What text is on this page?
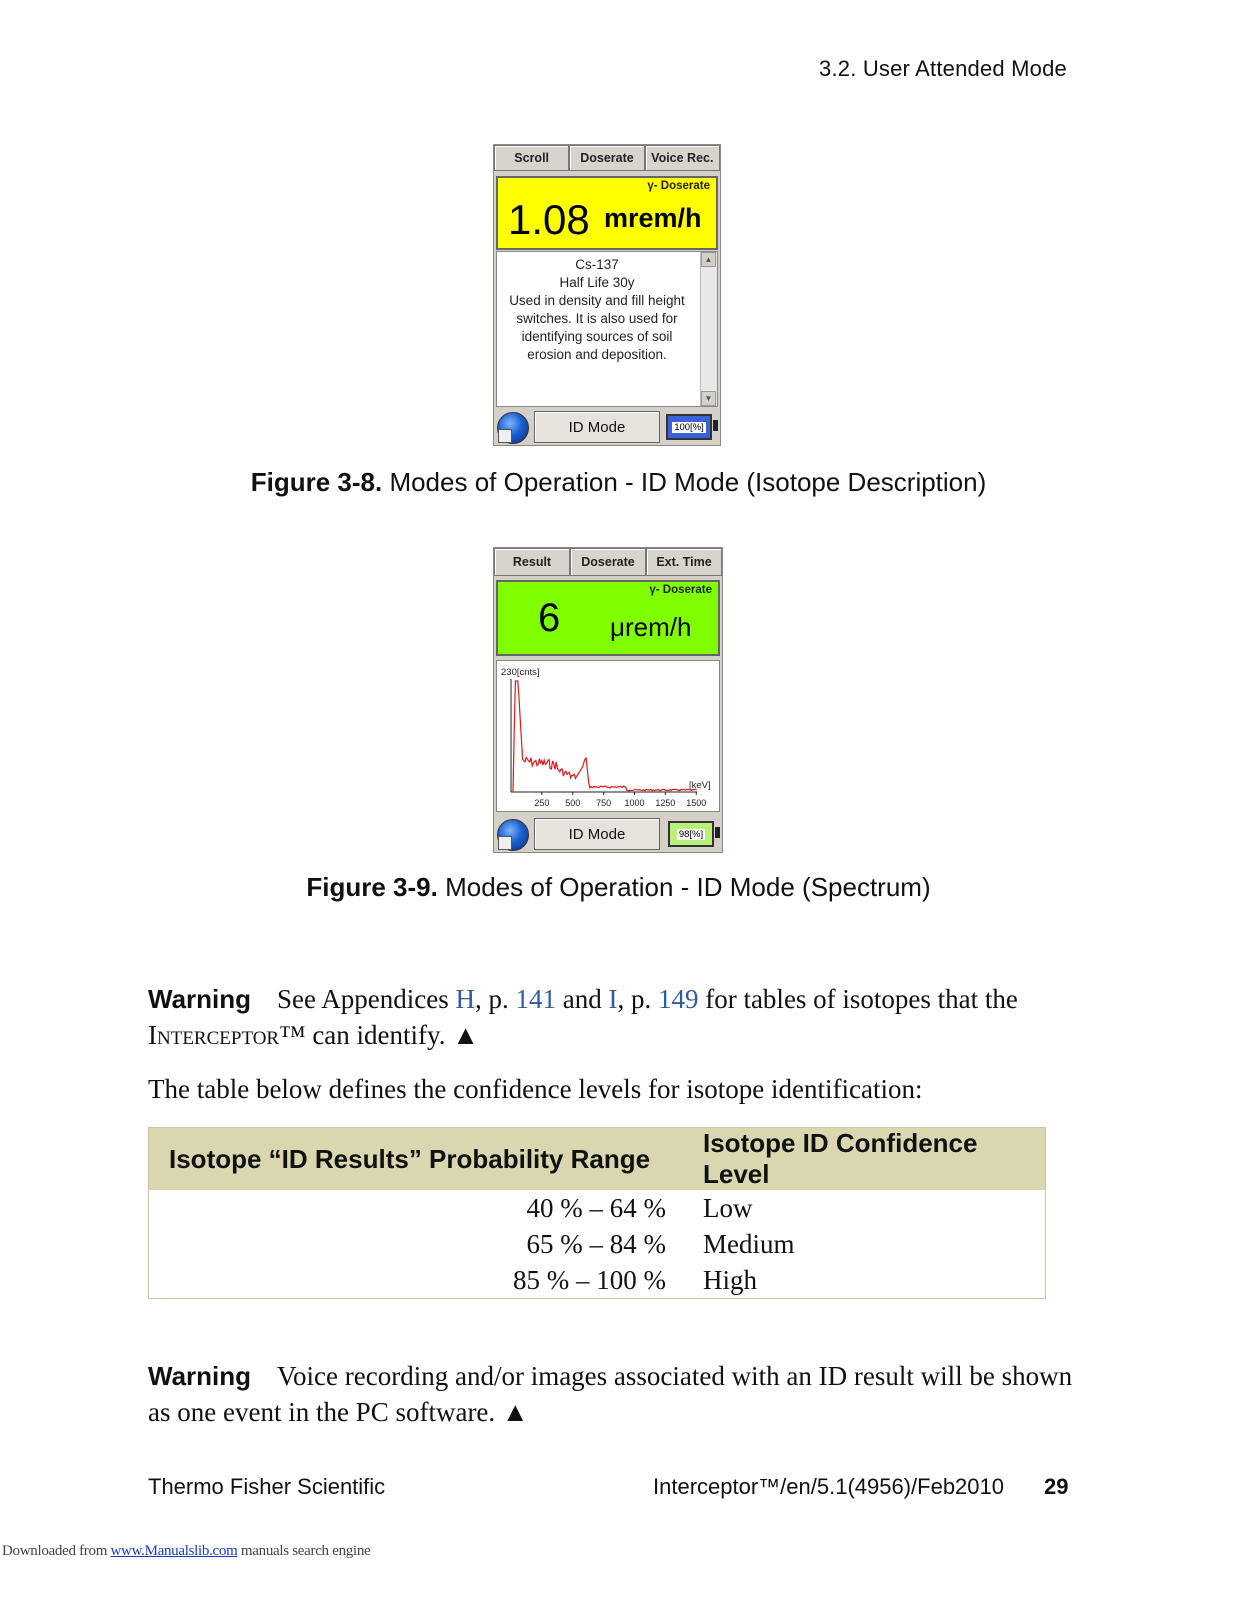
3.2. User Attended Mode
Scroll	Doserate	Voice Rec.
γ- Doserate
1.08 mrem/h
Cs-137
Half Life 30y
Used in density and fill height
switches. It is also used for
identifying sources of soil
erosion and deposition.
▲
▼
ID Mode	100[%]
Figure 3-8. Modes of Operation - ID Mode (Isotope Description)
Result	Doserate	Ext. Time
γ- Doserate
6 μrem/h
230[cnts]
[keV]
250 500 750 1000 1250 1500
ID Mode	98[%]
Figure 3-9. Modes of Operation - ID Mode (Spectrum)
Warning See Appendices H, p. 141 and I, p. 149 for tables of isotopes that the Interceptor™ can identify. ▲
The table below defines the confidence levels for isotope identification:
Isotope “ID Results” Probability Range	Isotope ID Confidence Level
40 % – 64 %	Low
65 % – 84 %	Medium
85 % – 100 %	High
Warning Voice recording and/or images associated with an ID result will be shown as one event in the PC software. ▲
Thermo Fisher Scientific	Interceptor™/en/5.1(4956)/Feb2010 29
Downloaded from www.Manualslib.com manuals search engine
